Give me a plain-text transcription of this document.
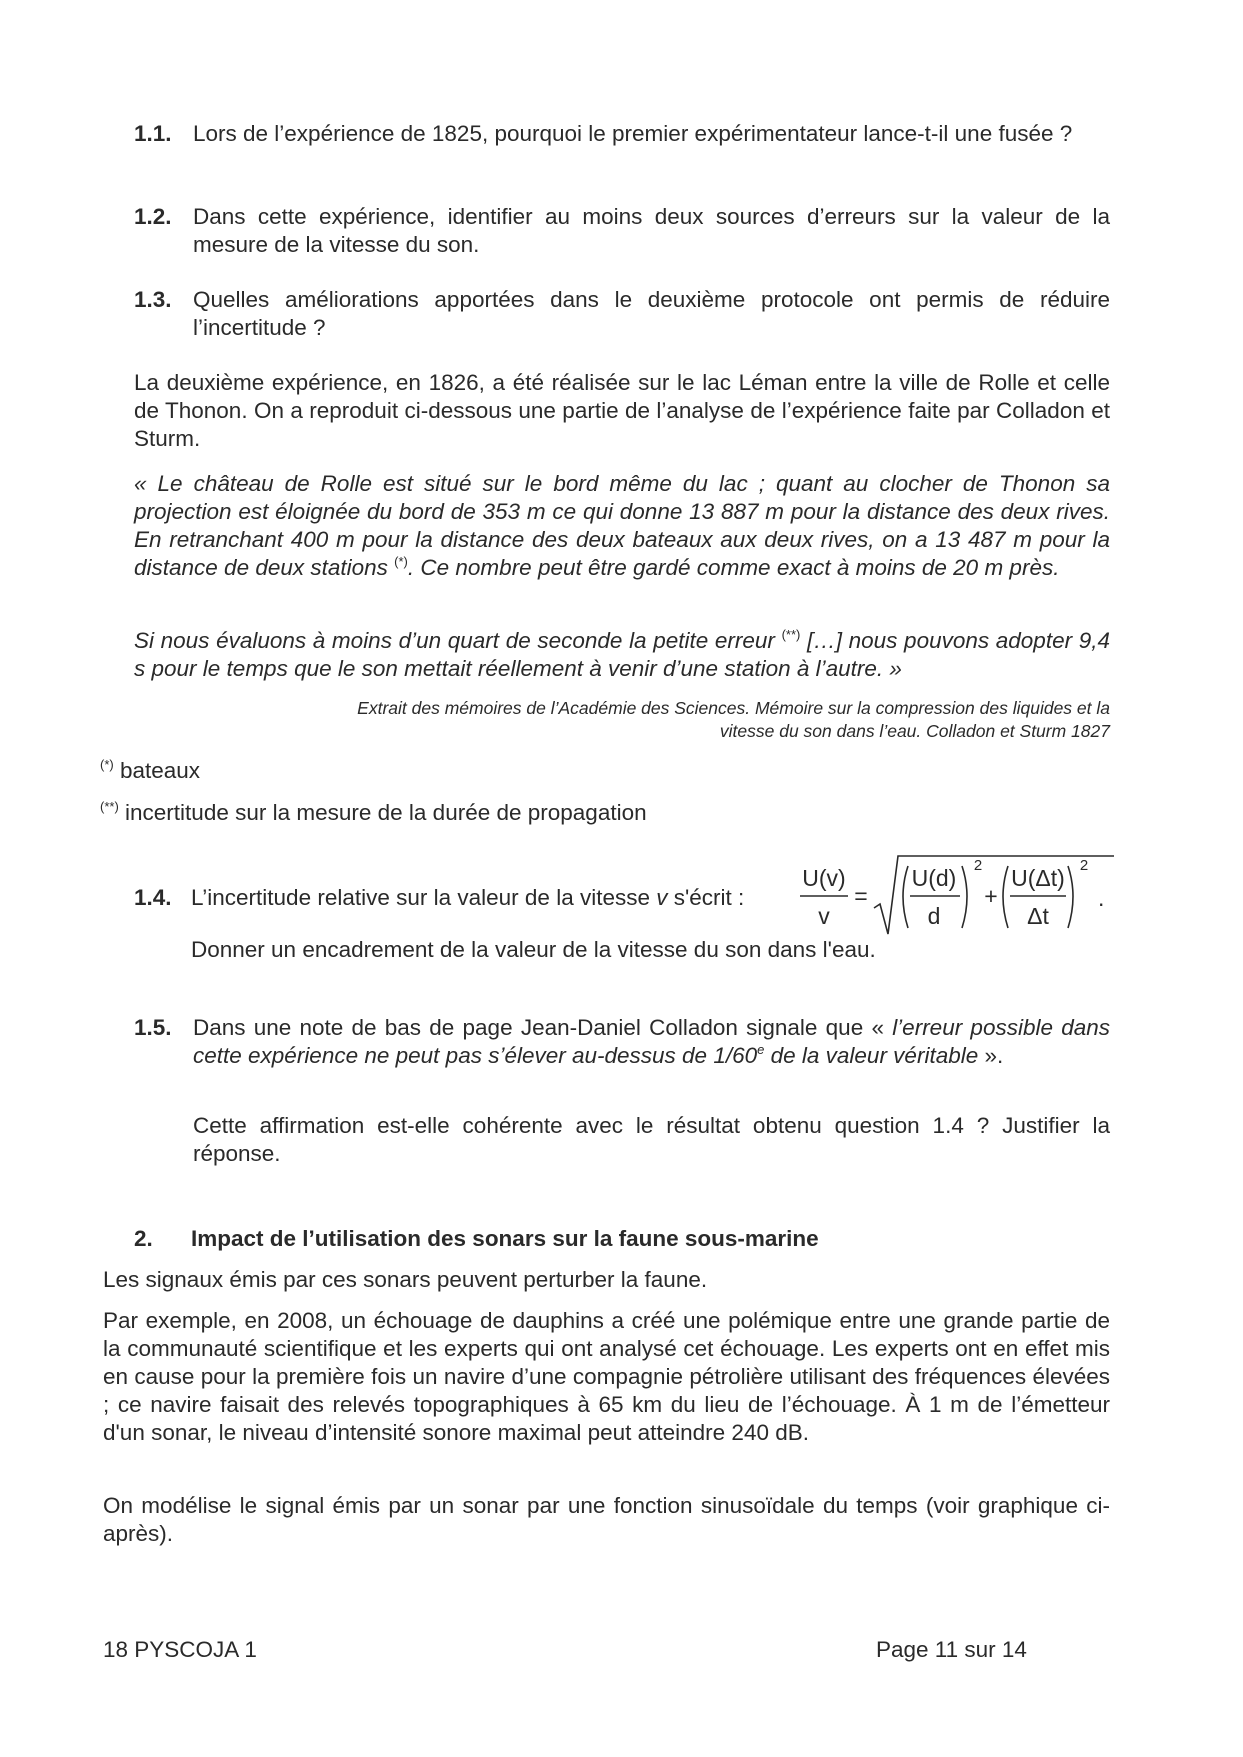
1.1. Lors de l’expérience de 1825, pourquoi le premier expérimentateur lance-t-il une fusée ?
1.2. Dans cette expérience, identifier au moins deux sources d’erreurs sur la valeur de la mesure de la vitesse du son.
1.3. Quelles améliorations apportées dans le deuxième protocole ont permis de réduire l’incertitude ?
La deuxième expérience, en 1826, a été réalisée sur le lac Léman entre la ville de Rolle et celle de Thonon. On a reproduit ci-dessous une partie de l’analyse de l’expérience faite par Colladon et Sturm.
« Le château de Rolle est situé sur le bord même du lac ; quant au clocher de Thonon sa projection est éloignée du bord de 353 m ce qui donne 13 887 m pour la distance des deux rives. En retranchant 400 m pour la distance des deux bateaux aux deux rives, on a 13 487 m pour la distance de deux stations (*). Ce nombre peut être gardé comme exact à moins de 20 m près.
Si nous évaluons à moins d’un quart de seconde la petite erreur (**) […] nous pouvons adopter 9,4 s pour le temps que le son mettait réellement à venir d’une station à l’autre. »
Extrait des mémoires de l’Académie des Sciences. Mémoire sur la compression des liquides et la
vitesse du son dans l’eau. Colladon et Sturm 1827
(*) bateaux
(**) incertitude sur la mesure de la durée de propagation
1.4. L’incertitude relative sur la valeur de la vitesse v s'écrit :
U(v)
v
=
U(d)
d
2
+
U(Δt)
Δt
2
.
Donner un encadrement de la valeur de la vitesse du son dans l'eau.
1.5. Dans une note de bas de page Jean-Daniel Colladon signale que « l’erreur possible dans cette expérience ne peut pas s’élever au-dessus de 1/60e de la valeur véritable ».
Cette affirmation est-elle cohérente avec le résultat obtenu question 1.4 ? Justifier la réponse.
2. Impact de l’utilisation des sonars sur la faune sous-marine
Les signaux émis par ces sonars peuvent perturber la faune.
Par exemple, en 2008, un échouage de dauphins a créé une polémique entre une grande partie de la communauté scientifique et les experts qui ont analysé cet échouage. Les experts ont en effet mis en cause pour la première fois un navire d’une compagnie pétrolière utilisant des fréquences élevées ; ce navire faisait des relevés topographiques à 65 km du lieu de l’échouage. À 1 m de l’émetteur d'un sonar, le niveau d’intensité sonore maximal peut atteindre 240 dB.
On modélise le signal émis par un sonar par une fonction sinusoïdale du temps (voir graphique ci-après).
18 PYSCOJA 1	Page 11 sur 14
